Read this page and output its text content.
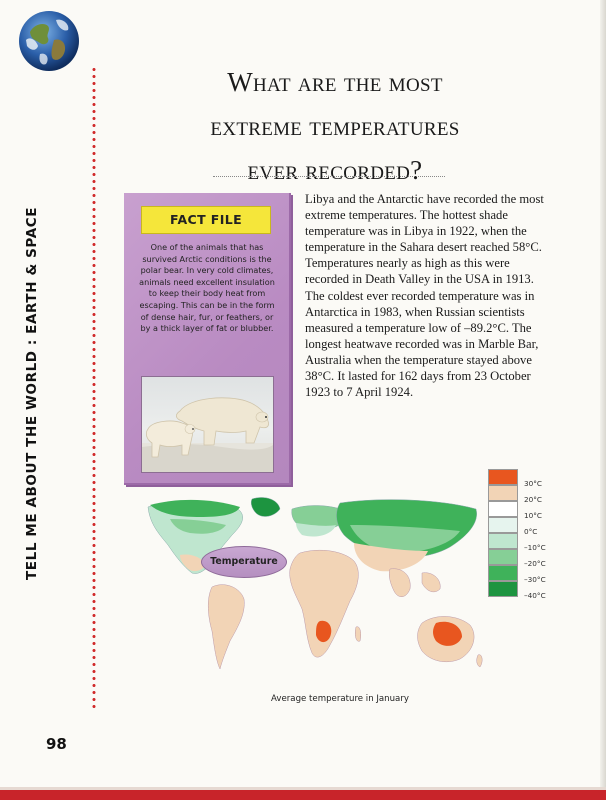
TELL ME ABOUT THE WORLD : EARTH & SPACE
What are the most
extreme temperatures
ever recorded?
FACT FILE
One of the animals that has survived Arctic conditions is the polar bear. In very cold climates, animals need excellent insulation to keep their body heat from escaping. This can be in the form of dense hair, fur, or feathers, or by a thick layer of fat or blubber.
Libya and the Antarctic have recorded the most extreme temperatures. The hottest shade temperature was in Libya in 1922, when the temperature in the Sahara desert reached 58°C. Temperatures nearly as high as this were recorded in Death Valley in the USA in 1913. The coldest ever recorded temperature was in Antarctica in 1983, when Russian scientists measured a temperature low of –89.2°C. The longest heatwave recorded was in Marble Bar, Australia when the temperature stayed above 38°C. It lasted for 162 days from 23 October 1923 to 7 April 1924.
Temperature
Average temperature in January
30°C
20°C
10°C
0°C
–10°C
–20°C
–30°C
–40°C
98
